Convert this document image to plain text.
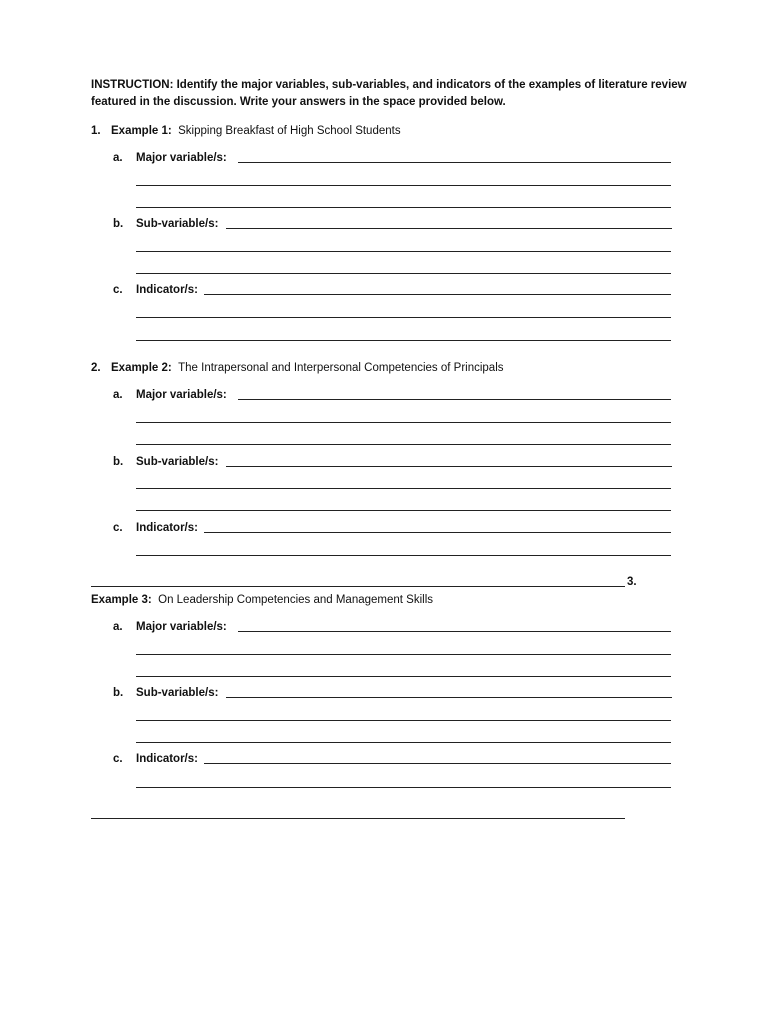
INSTRUCTION: Identify the major variables, sub-variables, and indicators of the examples of literature review featured in the discussion. Write your answers in the space provided below.
1. Example 1: Skipping Breakfast of High School Students
a. Major variable/s:
b. Sub-variable/s:
c. Indicator/s:
2. Example 2: The Intrapersonal and Interpersonal Competencies of Principals
a. Major variable/s:
b. Sub-variable/s:
c. Indicator/s:
3.
Example 3: On Leadership Competencies and Management Skills
a. Major variable/s:
b. Sub-variable/s:
c. Indicator/s:
